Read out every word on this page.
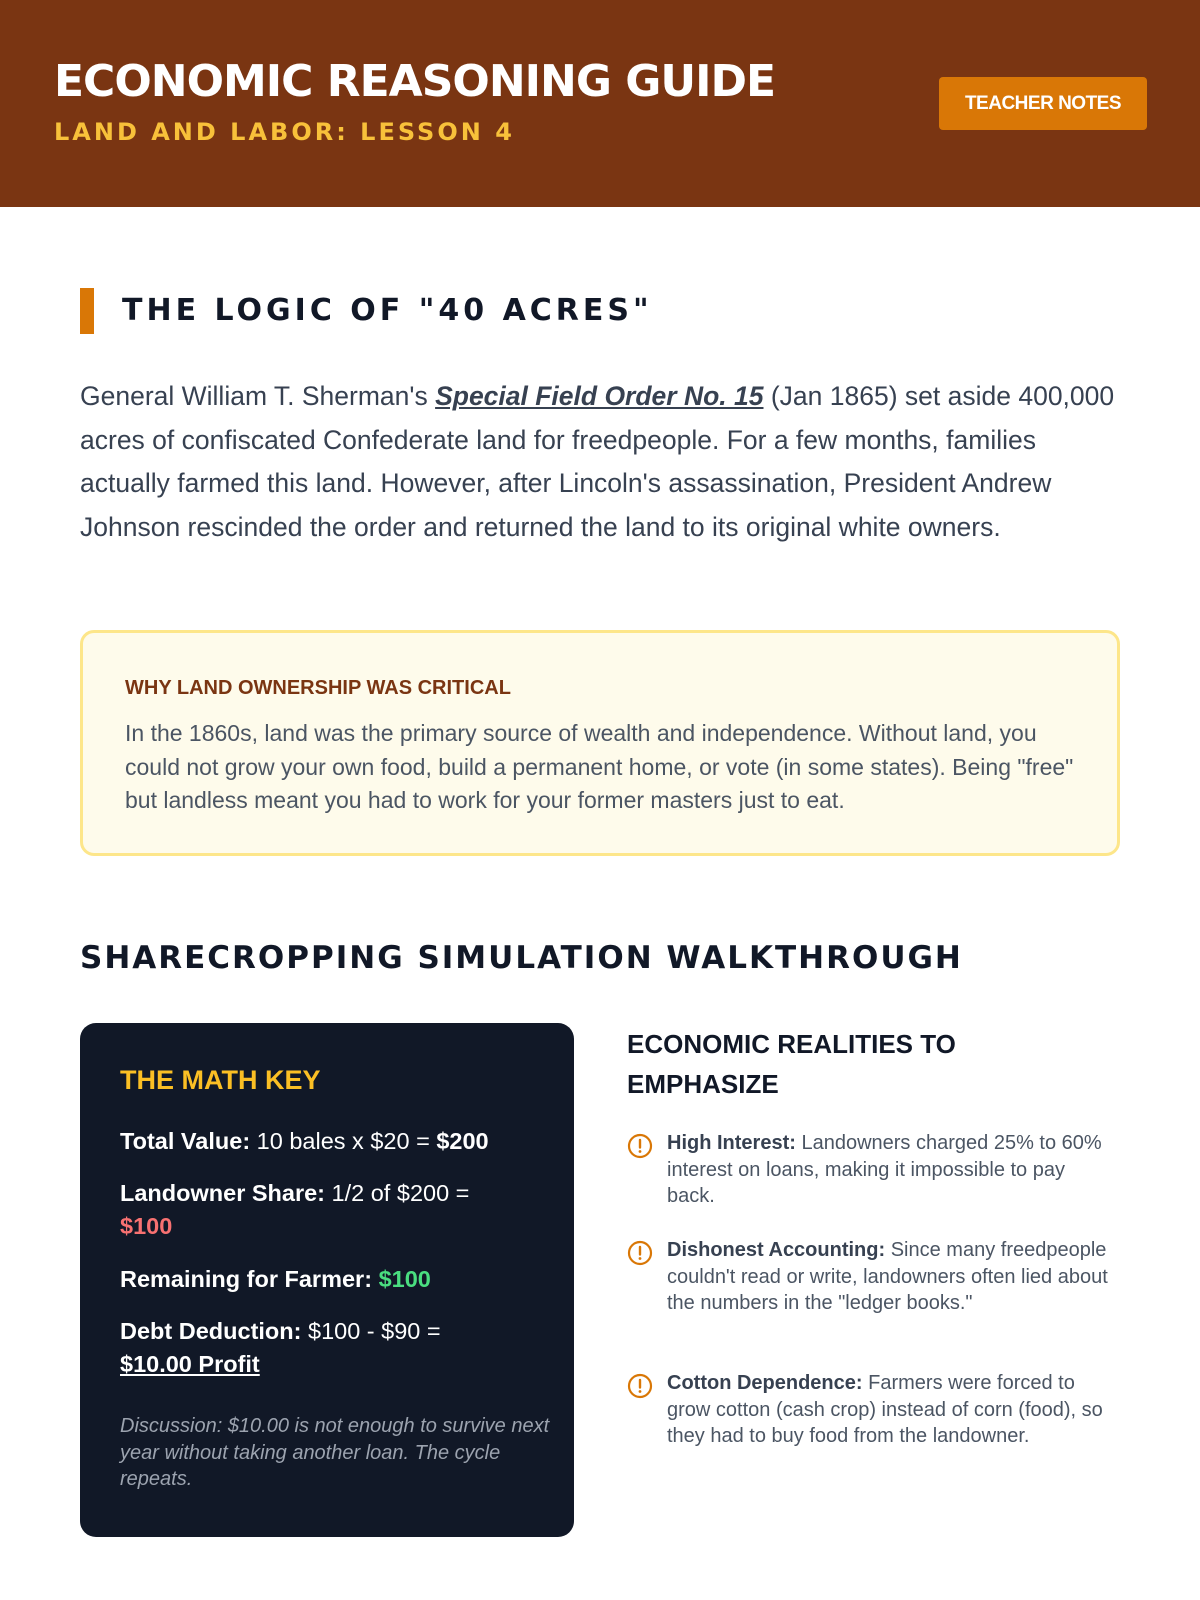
ECONOMIC REASONING GUIDE
LAND AND LABOR: LESSON 4
TEACHER NOTES
THE LOGIC OF "40 ACRES"

General William T. Sherman's Special Field Order No. 15 (Jan 1865) set aside 400,000 acres of confiscated Confederate land for freedpeople. For a few months, families actually farmed this land. However, after Lincoln's assassination, President Andrew Johnson rescinded the order and returned the land to its original white owners.

WHY LAND OWNERSHIP WAS CRITICAL
In the 1860s, land was the primary source of wealth and independence. Without land, you could not grow your own food, build a permanent home, or vote (in some states). Being "free" but landless meant you had to work for your former masters just to eat.
SHARECROPPING SIMULATION WALKTHROUGH
THE MATH KEY
Total Value: 10 bales x $20 = $200
Landowner Share: 1/2 of $200 =
$100
Remaining for Farmer: $100
Debt Deduction: $100 - $90 =
$10.00 Profit
Discussion: $10.00 is not enough to survive next year without taking another loan. The cycle repeats.
ECONOMIC REALITIES TO EMPHASIZE
High Interest: Landowners charged 25% to 60% interest on loans, making it impossible to pay back.
Dishonest Accounting: Since many freedpeople couldn't read or write, landowners often lied about the numbers in the "ledger books."
Cotton Dependence: Farmers were forced to grow cotton (cash crop) instead of corn (food), so they had to buy food from the landowner.
